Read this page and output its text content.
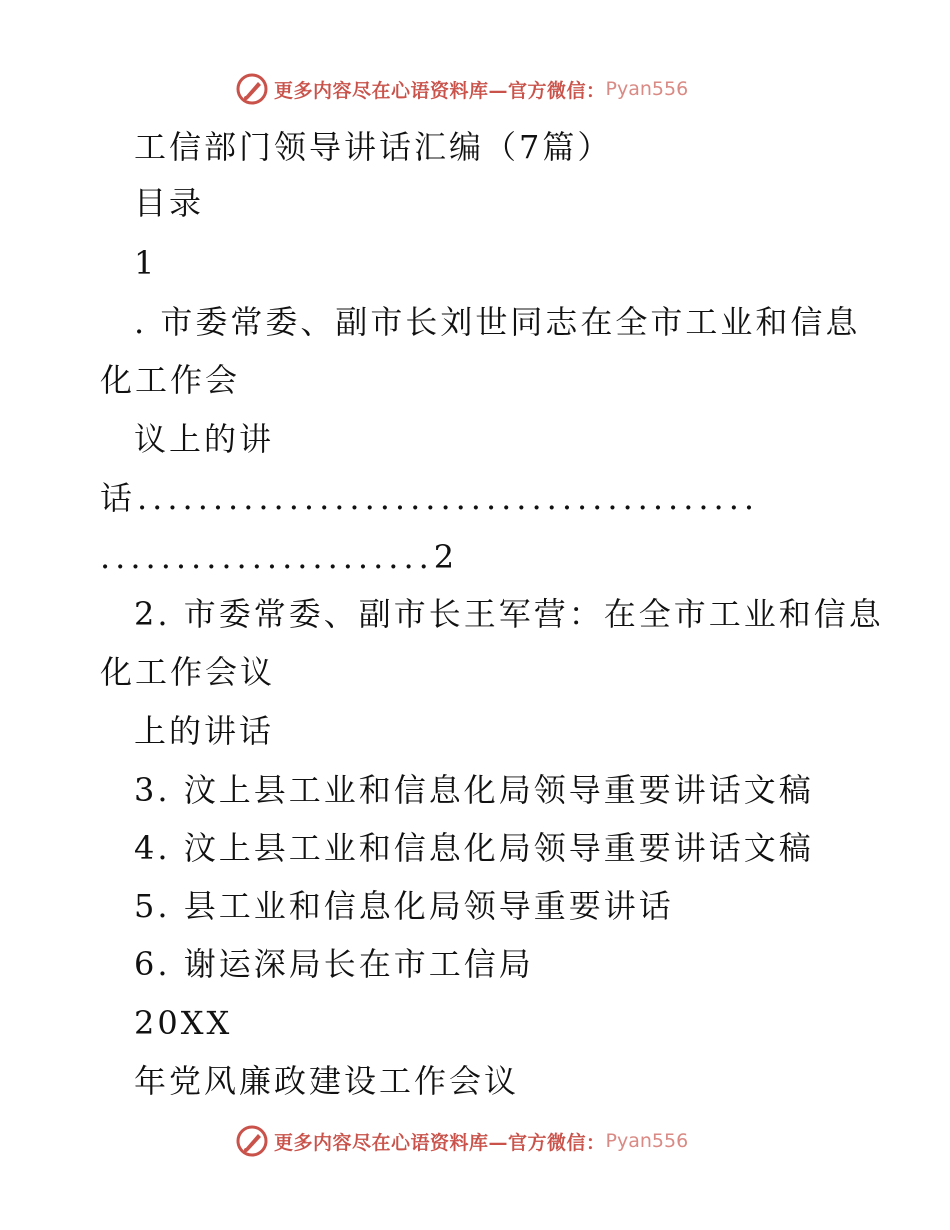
更多内容尽在心语资料库—官方微信： Pyan556
工信部门领导讲话汇编（7篇）
目录
1
. 市委常委、副市长刘世同志在全市工业和信息
化工作会
议上的讲
话.........................................
......................2
2. 市委常委、副市长王军营：在全市工业和信息
化工作会议
上的讲话
3. 汶上县工业和信息化局领导重要讲话文稿
4. 汶上县工业和信息化局领导重要讲话文稿
5. 县工业和信息化局领导重要讲话
6. 谢运深局长在市工信局
20XX
年党风廉政建设工作会议
更多内容尽在心语资料库—官方微信： Pyan556
